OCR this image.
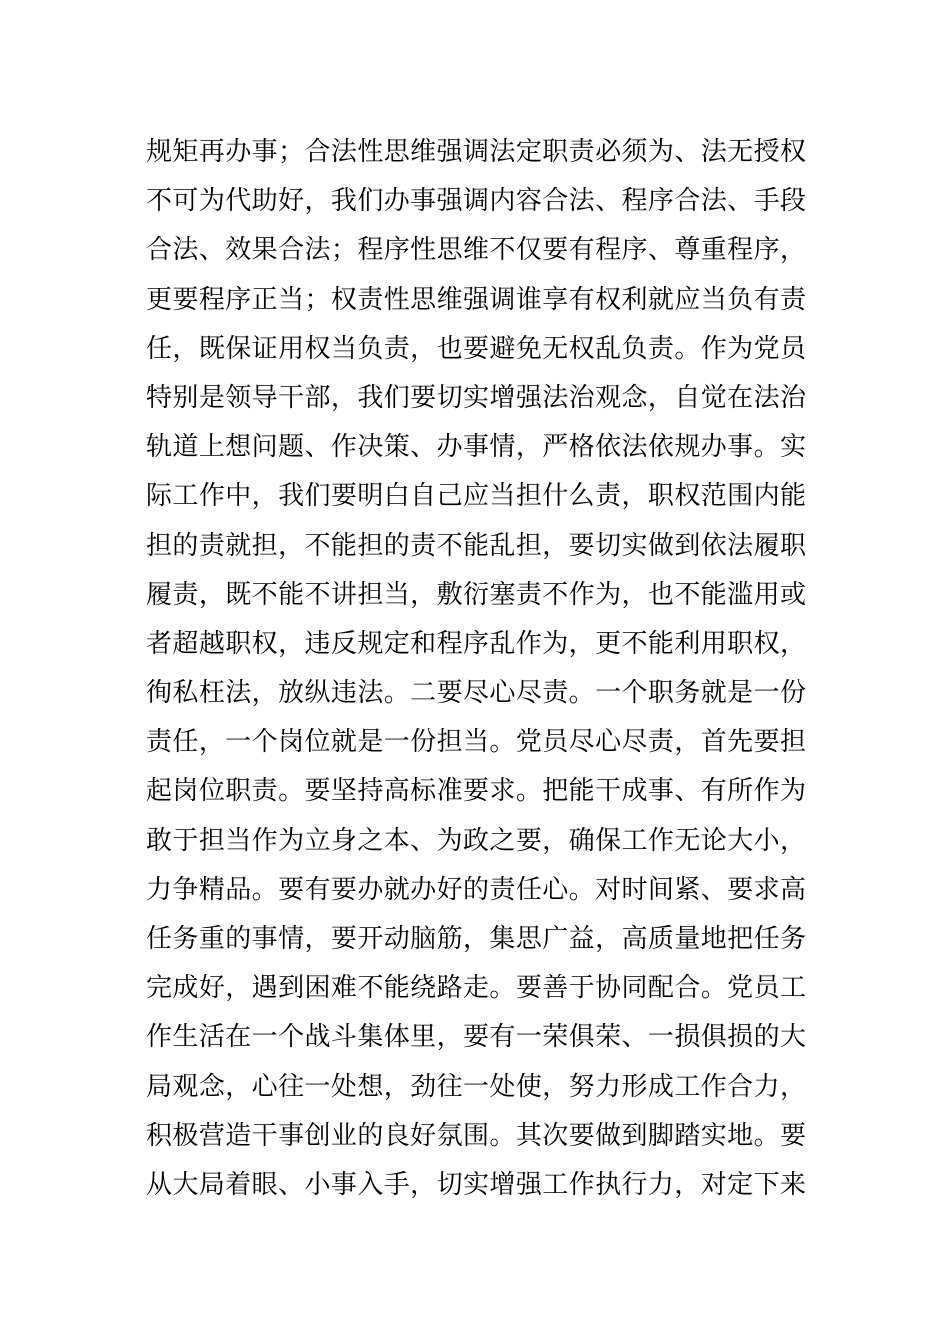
规矩再办事；合法性思维强调法定职责必须为、法无授权
不可为代助好，我们办事强调内容合法、程序合法、手段
合法、效果合法；程序性思维不仅要有程序、尊重程序，
更要程序正当；权责性思维强调谁享有权利就应当负有责
任，既保证用权当负责，也要避免无权乱负责。作为党员
特别是领导干部，我们要切实增强法治观念，自觉在法治
轨道上想问题、作决策、办事情，严格依法依规办事。实
际工作中，我们要明白自己应当担什么责，职权范围内能
担的责就担，不能担的责不能乱担，要切实做到依法履职
履责，既不能不讲担当，敷衍塞责不作为，也不能滥用或
者超越职权，违反规定和程序乱作为，更不能利用职权，
徇私枉法，放纵违法。二要尽心尽责。一个职务就是一份
责任，一个岗位就是一份担当。党员尽心尽责，首先要担
起岗位职责。要坚持高标准要求。把能干成事、有所作为
敢于担当作为立身之本、为政之要，确保工作无论大小，
力争精品。要有要办就办好的责任心。对时间紧、要求高
任务重的事情，要开动脑筋，集思广益，高质量地把任务
完成好，遇到困难不能绕路走。要善于协同配合。党员工
作生活在一个战斗集体里，要有一荣俱荣、一损俱损的大
局观念，心往一处想，劲往一处使，努力形成工作合力，
积极营造干事创业的良好氛围。其次要做到脚踏实地。要
从大局着眼、小事入手，切实增强工作执行力，对定下来
